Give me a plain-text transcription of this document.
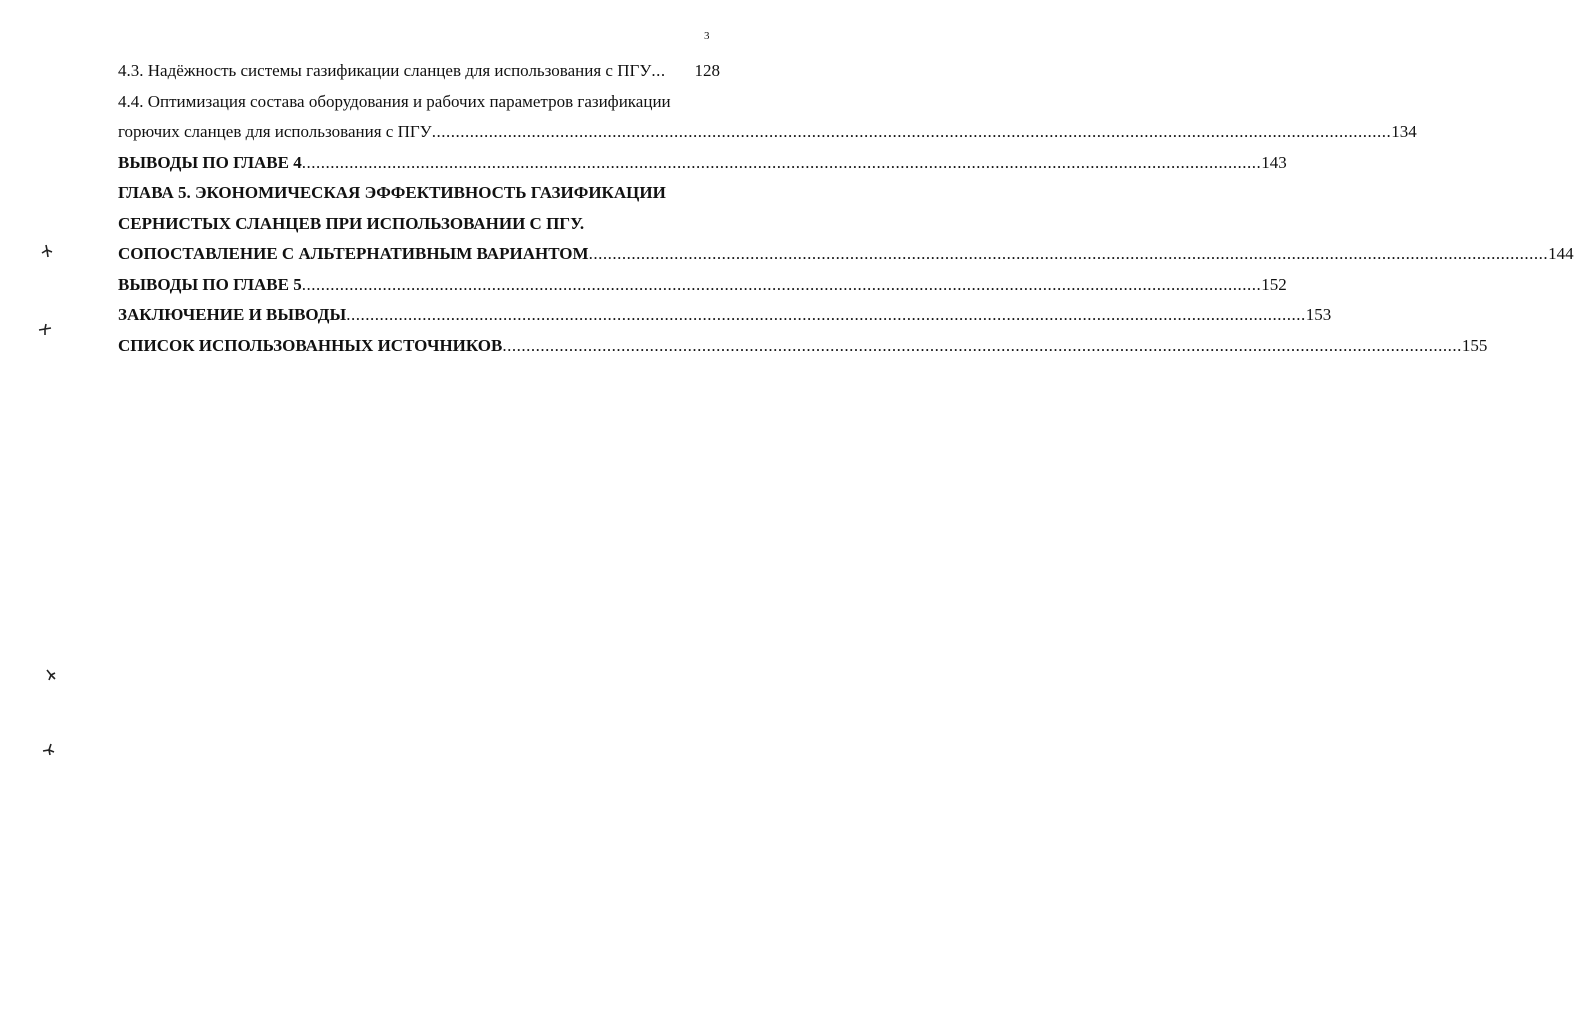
3
4.3. Надёжность системы газификации сланцев для использования с ПГУ ...	128
4.4. Оптимизация состава оборудования и рабочих параметров газификации
горючих сланцев для использования с ПГУ .....	134
ВЫВОДЫ ПО ГЛАВЕ 4 .....	143
ГЛАВА 5. ЭКОНОМИЧЕСКАЯ ЭФФЕКТИВНОСТЬ ГАЗИФИКАЦИИ
СЕРНИСТЫХ СЛАНЦЕВ ПРИ ИСПОЛЬЗОВАНИИ С ПГУ.
СОПОСТАВЛЕНИЕ С АЛЬТЕРНАТИВНЫМ ВАРИАНТОМ .....	144
ВЫВОДЫ ПО ГЛАВЕ 5 .....	152
ЗАКЛЮЧЕНИЕ И ВЫВОДЫ .....	153
СПИСОК ИСПОЛЬЗОВАННЫХ ИСТОЧНИКОВ .....	155
